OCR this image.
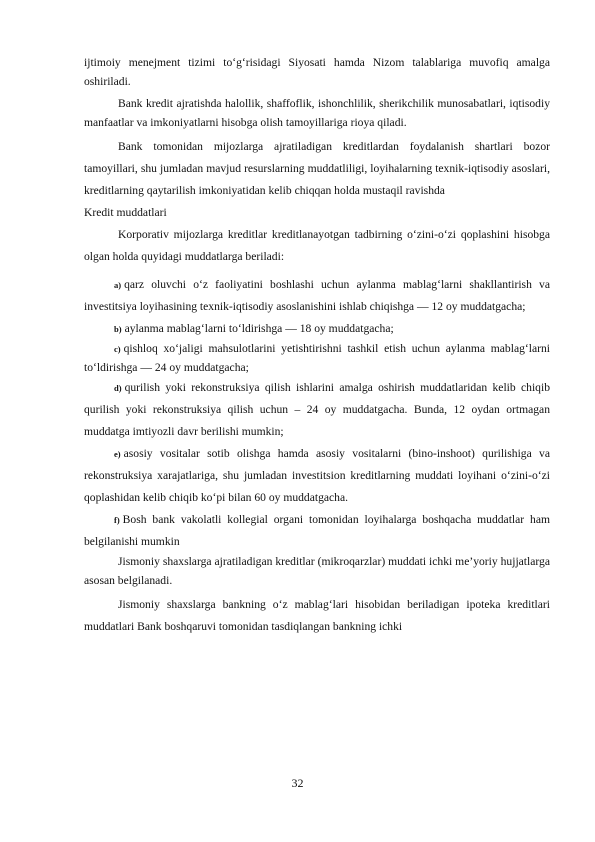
ijtimoiy menejment tizimi to‘g‘risidagi Siyosati hamda Nizom talablariga muvofiq amalga oshiriladi.

Bank kredit ajratishda halollik, shaffoflik, ishonchlilik, sherikchilik munosabatlari, iqtisodiy manfaatlar va imkoniyatlarni hisobga olish tamoyillariga rioya qiladi.

Bank tomonidan mijozlarga ajratiladigan kreditlardan foydalanish shartlari bozor tamoyillari, shu jumladan mavjud resurslarning muddatliligi, loyihalarning texnik-iqtisodiy asoslari, kreditlarning qaytarilish imkoniyatidan kelib chiqqan holda mustaqil ravishda

Kredit muddatlari

Korporativ mijozlarga kreditlar kreditlanayotgan tadbirning o‘zini-o‘zi qoplashini hisobga olgan holda quyidagi muddatlarga beriladi:

a) qarz oluvchi o‘z faoliyatini boshlashi uchun aylanma mablag‘larni shakllantirish va investitsiya loyihasining texnik-iqtisodiy asoslanishini ishlab chiqishga — 12 oy muddatgacha;

b) aylanma mablag‘larni to‘ldirishga — 18 oy muddatgacha;

c) qishloq xo‘jaligi mahsulotlarini yetishtirishni tashkil etish uchun aylanma mablag‘larni to‘ldirishga — 24 oy muddatgacha;

d) qurilish yoki rekonstruksiya qilish ishlarini amalga oshirish muddatlaridan kelib chiqib qurilish yoki rekonstruksiya qilish uchun – 24 oy muddatgacha. Bunda, 12 oydan ortmagan muddatga imtiyozli davr berilishi mumkin;

e) asosiy vositalar sotib olishga hamda asosiy vositalarni (bino-inshoot) qurilishiga va rekonstruksiya xarajatlariga, shu jumladan investitsion kreditlarning muddati loyihani o‘zini-o‘zi qoplashidan kelib chiqib ko‘pi bilan 60 oy muddatgacha.

f) Bosh bank vakolatli kollegial organi tomonidan loyihalarga boshqacha muddatlar ham belgilanishi mumkin

Jismoniy shaxslarga ajratiladigan kreditlar (mikroqarzlar) muddati ichki me’yoriy hujjatlarga asosan belgilanadi.

Jismoniy shaxslarga bankning o‘z mablag‘lari hisobidan beriladigan ipoteka kreditlari muddatlari Bank boshqaruvi tomonidan tasdiqlangan bankning ichki

32
